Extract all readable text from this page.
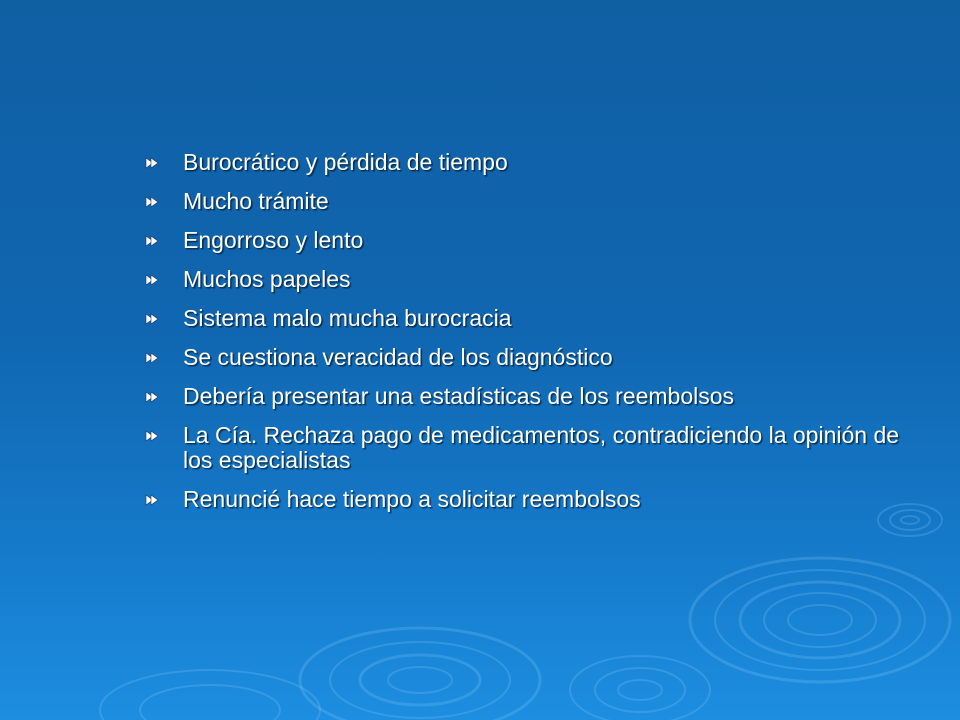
Burocrático y pérdida de tiempo
Mucho trámite
Engorroso y lento
Muchos papeles
Sistema malo mucha burocracia
Se cuestiona veracidad de los diagnóstico
Debería presentar una estadísticas de los reembolsos
La Cía. Rechaza pago de medicamentos, contradiciendo la opinión de los especialistas
Renuncié hace tiempo a solicitar reembolsos
